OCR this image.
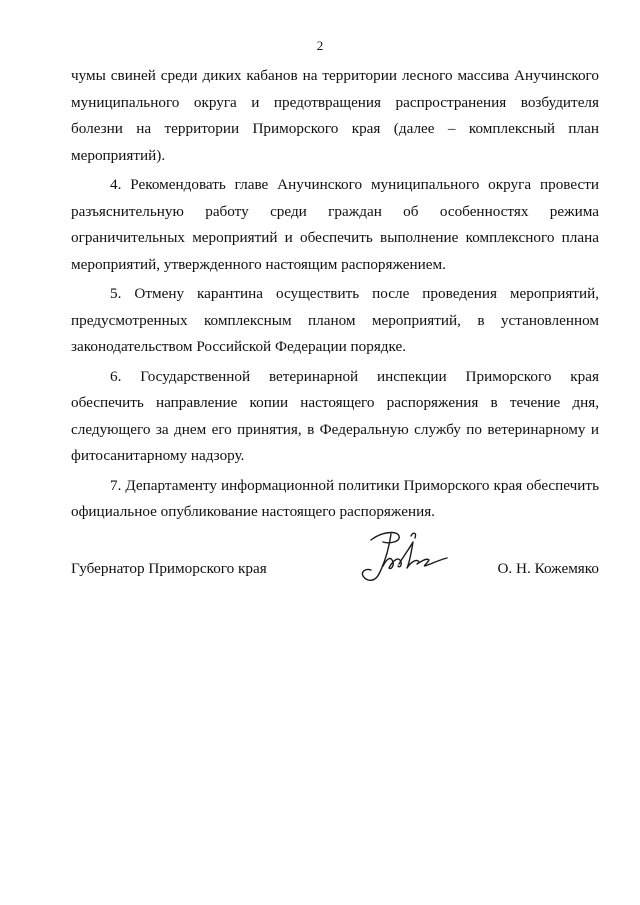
2

чумы свиней среди диких кабанов на территории лесного массива Анучинского муниципального округа и предотвращения распространения возбудителя болезни на территории Приморского края (далее – комплексный план мероприятий).

4. Рекомендовать главе Анучинского муниципального округа провести разъяснительную работу среди граждан об особенностях режима ограничительных мероприятий и обеспечить выполнение комплексного плана мероприятий, утвержденного настоящим распоряжением.

5. Отмену карантина осуществить после проведения мероприятий, предусмотренных комплексным планом мероприятий, в установленном законодательством Российской Федерации порядке.

6. Государственной ветеринарной инспекции Приморского края обеспечить направление копии настоящего распоряжения в течение дня, следующего за днем его принятия, в Федеральную службу по ветеринарному и фитосанитарному надзору.

7. Департаменту информационной политики Приморского края обеспечить официальное опубликование настоящего распоряжения.

Губернатор Приморского края	О. Н. Кожемяко
